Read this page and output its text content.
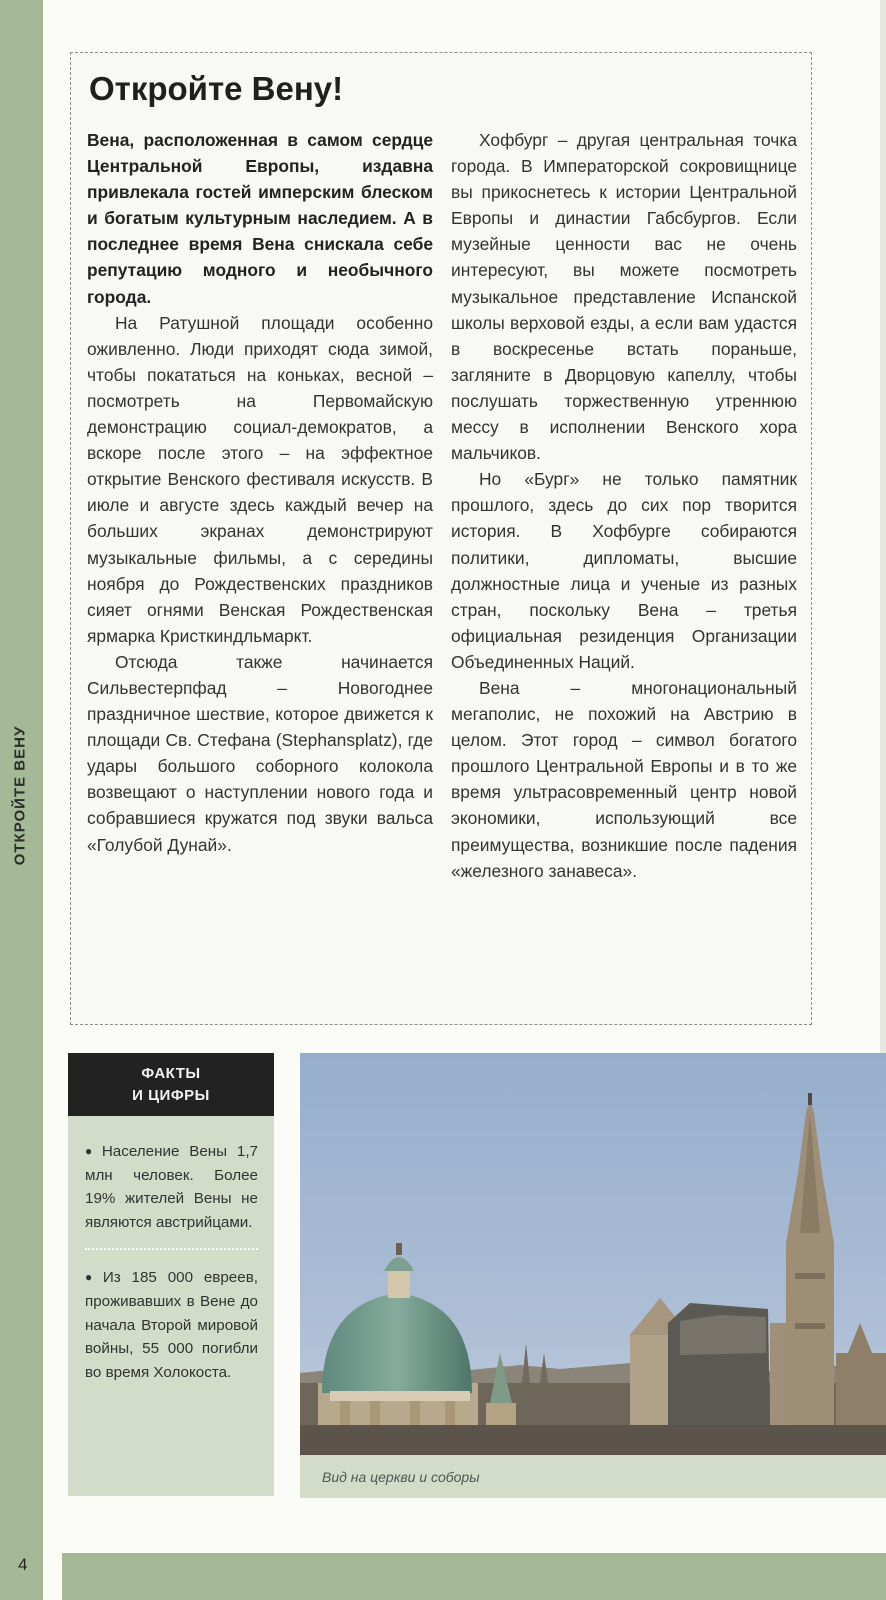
ОТКРОЙТЕ ВЕНУ
Откройте Вену!

Вена, расположенная в самом сердце Центральной Европы, издавна привлекала гостей имперским блеском и богатым культурным наследием. А в последнее время Вена снискала себе репутацию модного и необычного города.

На Ратушной площади особенно оживленно. Люди приходят сюда зимой, чтобы покататься на коньках, весной – посмотреть на Первомайскую демонстрацию социал-демократов, а вскоре после этого – на эффектное открытие Венского фестиваля искусств. В июле и августе здесь каждый вечер на больших экранах демонстрируют музыкальные фильмы, а с середины ноября до Рождественских праздников сияет огнями Венская Рождественская ярмарка Кристкиндльмаркт.

Отсюда также начинается Сильвестерпфад – Новогоднее праздничное шествие, которое движется к площади Св. Стефана (Stephansplatz), где удары большого соборного колокола возвещают о наступлении нового года и собравшиеся кружатся под звуки вальса «Голубой Дунай».

Хофбург – другая центральная точка города. В Императорской сокровищнице вы прикоснетесь к истории Центральной Европы и династии Габсбургов. Если музейные ценности вас не очень интересуют, вы можете посмотреть музыкальное представление Испанской школы верховой езды, а если вам удастся в воскресенье встать пораньше, загляните в Дворцовую капеллу, чтобы послушать торжественную утреннюю мессу в исполнении Венского хора мальчиков.

Но «Бург» не только памятник прошлого, здесь до сих пор творится история. В Хофбурге собираются политики, дипломаты, высшие должностные лица и ученые из разных стран, поскольку Вена – третья официальная резиденция Организации Объединенных Наций.

Вена – многонациональный мегаполис, не похожий на Австрию в целом. Этот город – символ богатого прошлого Центральной Европы и в то же время ультрасовременный центр новой экономики, использующий все преимущества, возникшие после падения «железного занавеса».

ФАКТЫ
И ЦИФРЫ

● Население Вены 1,7 млн человек. Более 19% жителей Вены не являются австрийцами.

● Из 185 000 евреев, проживавших в Вене до начала Второй мировой войны, 55 000 погибли во время Холокоста.

Вид на церкви и соборы
4
